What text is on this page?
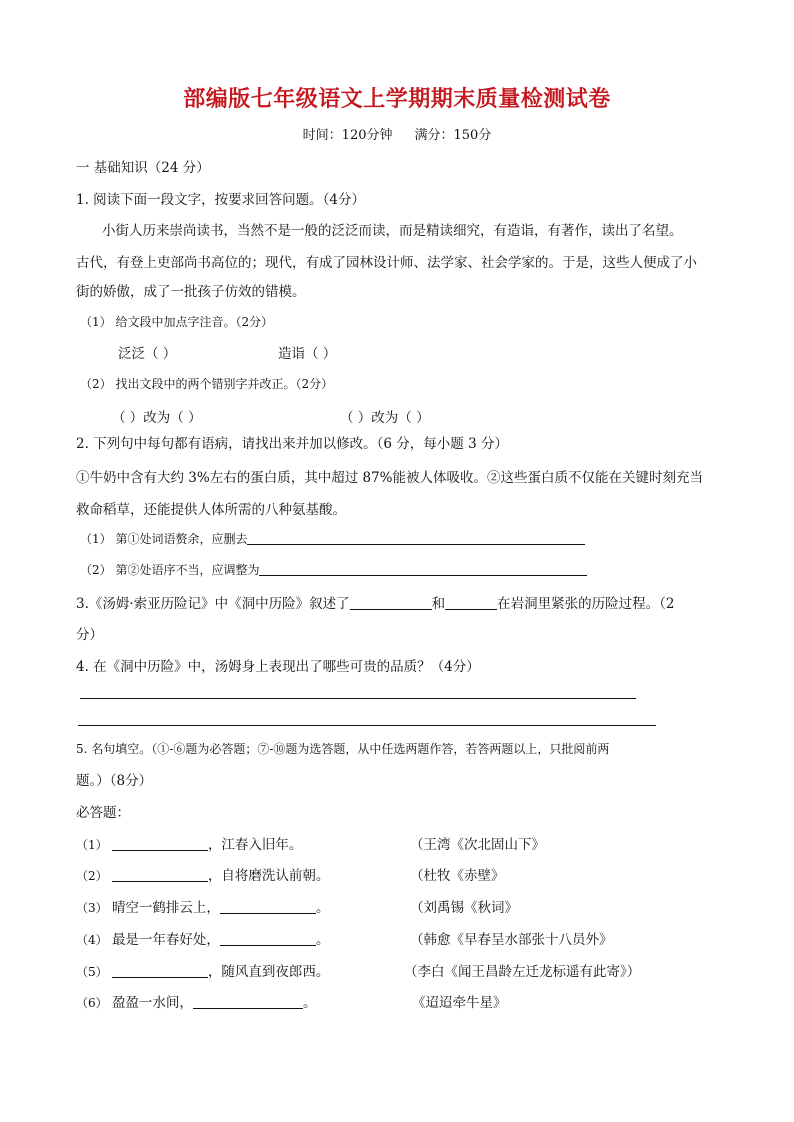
部编版七年级语文上学期期末质量检测试卷
时间：120分钟 满分：150分
一 基础知识（24 分）
1. 阅读下面一段文字，按要求回答问题。（4分）
小街人历来崇尚读书，当然不是一般的泛泛而读，而是精读细究，有造诣，有著作，读出了名望。
古代，有登上吏部尚书高位的；现代，有成了园林设计师、法学家、社会学家的。于是，这些人便成了小
街的娇傲，成了一批孩子仿效的错模。
（1） 给文段中加点字注音。（2分）
泛泛（ ）	造诣（ ）
（2） 找出文段中的两个错别字并改正。（2分）
（ ）改为（ ）	（ ）改为（ ）
2. 下列句中每句都有语病，请找出来并加以修改。（6 分，每小题 3 分）
①牛奶中含有大约 3%左右的蛋白质，其中超过 87%能被人体吸收。②这些蛋白质不仅能在关键时刻充当
救命稻草，还能提供人体所需的八种氨基酸。
（1） 第①处词语赘余，应删去
（2） 第②处语序不当，应调整为
3.《汤姆·索亚历险记》中《洞中历险》叙述了	和	在岩洞里紧张的历险过程。（2
分）
4. 在《洞中历险》中，汤姆身上表现出了哪些可贵的品质？（4分）
5. 名句填空。（①-⑥题为必答题；⑦-⑩题为选答题，从中任选两题作答，若答两题以上，只批阅前两
题。）（8分）
必答题：
（1）	，江春入旧年。	（王湾《次北固山下》
（2）	，自将磨洗认前朝。	（杜牧《赤壁》
（3） 晴空一鹤排云上，	。	（刘禹锡《秋词》
（4） 最是一年春好处，	。	（韩愈《早春呈水部张十八员外》
（5）	，随风直到夜郎西。	（李白《闻王昌龄左迁龙标遥有此寄》）
（6） 盈盈一水间，	。	《迢迢牵牛星》
